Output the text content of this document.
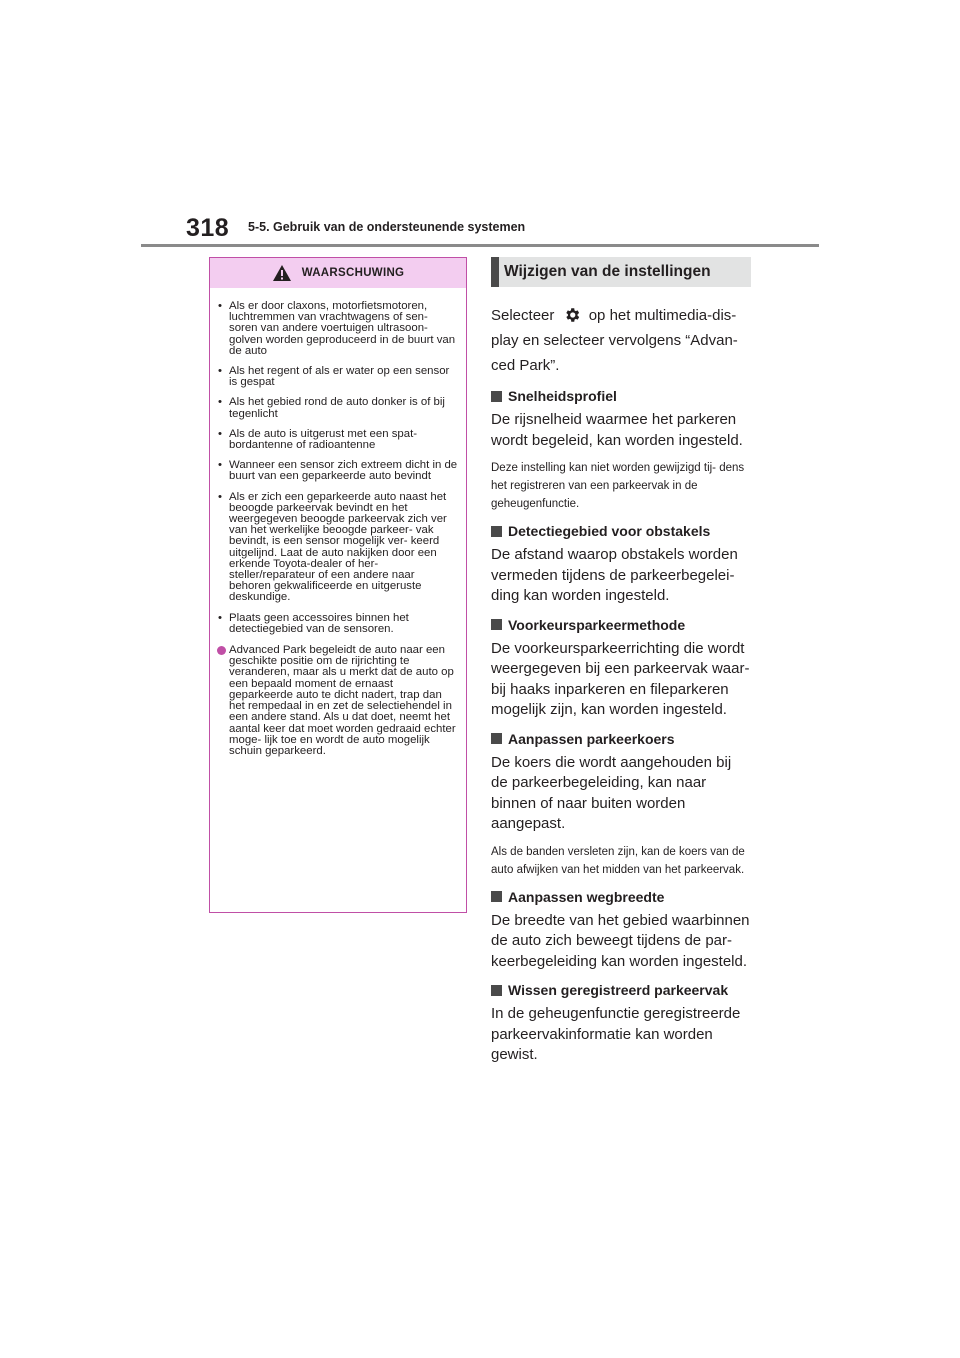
318 5-5. Gebruik van de ondersteunende systemen
WAARSCHUWING
• Als er door claxons, motorfietsmotoren, luchtremmen van vrachtwagens of sen- soren van andere voertuigen ultrasoon- golven worden geproduceerd in de buurt van de auto
• Als het regent of als er water op een sensor is gespat
• Als het gebied rond de auto donker is of bij tegenlicht
• Als de auto is uitgerust met een spat- bordantenne of radioantenne
• Wanneer een sensor zich extreem dicht in de buurt van een geparkeerde auto bevindt
• Als er zich een geparkeerde auto naast het beoogde parkeervak bevindt en het weergegeven beoogde parkeervak zich ver van het werkelijke beoogde parkeer- vak bevindt, is een sensor mogelijk ver- keerd uitgelijnd. Laat de auto nakijken door een erkende Toyota-dealer of her- steller/reparateur of een andere naar behoren gekwalificeerde en uitgeruste deskundige.
• Plaats geen accessoires binnen het detectiegebied van de sensoren.
Advanced Park begeleidt de auto naar een geschikte positie om de rijrichting te veranderen, maar als u merkt dat de auto op een bepaald moment de ernaast geparkeerde auto te dicht nadert, trap dan het rempedaal in en zet de selectiehendel in een andere stand. Als u dat doet, neemt het aantal keer dat moet worden gedraaid echter moge- lijk toe en wordt de auto mogelijk schuin geparkeerd.
Wijzigen van de instellingen

Selecteer op het multimedia-dis- play en selecteer vervolgens “Advan- ced Park”.

Snelheidsprofiel

De rijsnelheid waarmee het parkeren wordt begeleid, kan worden ingesteld.

Deze instelling kan niet worden gewijzigd tij- dens het registreren van een parkeervak in de geheugenfunctie.

Detectiegebied voor obstakels

De afstand waarop obstakels worden vermeden tijdens de parkeerbegelei- ding kan worden ingesteld.

Voorkeursparkeermethode

De voorkeursparkeerrichting die wordt weergegeven bij een parkeervak waar- bij haaks inparkeren en fileparkeren mogelijk zijn, kan worden ingesteld.

Aanpassen parkeerkoers

De koers die wordt aangehouden bij de parkeerbegeleiding, kan naar binnen of naar buiten worden aangepast.

Als de banden versleten zijn, kan de koers van de auto afwijken van het midden van het parkeervak.

Aanpassen wegbreedte

De breedte van het gebied waarbinnen de auto zich beweegt tijdens de par- keerbegeleiding kan worden ingesteld.

Wissen geregistreerd parkeervak

In de geheugenfunctie geregistreerde parkeervakinformatie kan worden gewist.
